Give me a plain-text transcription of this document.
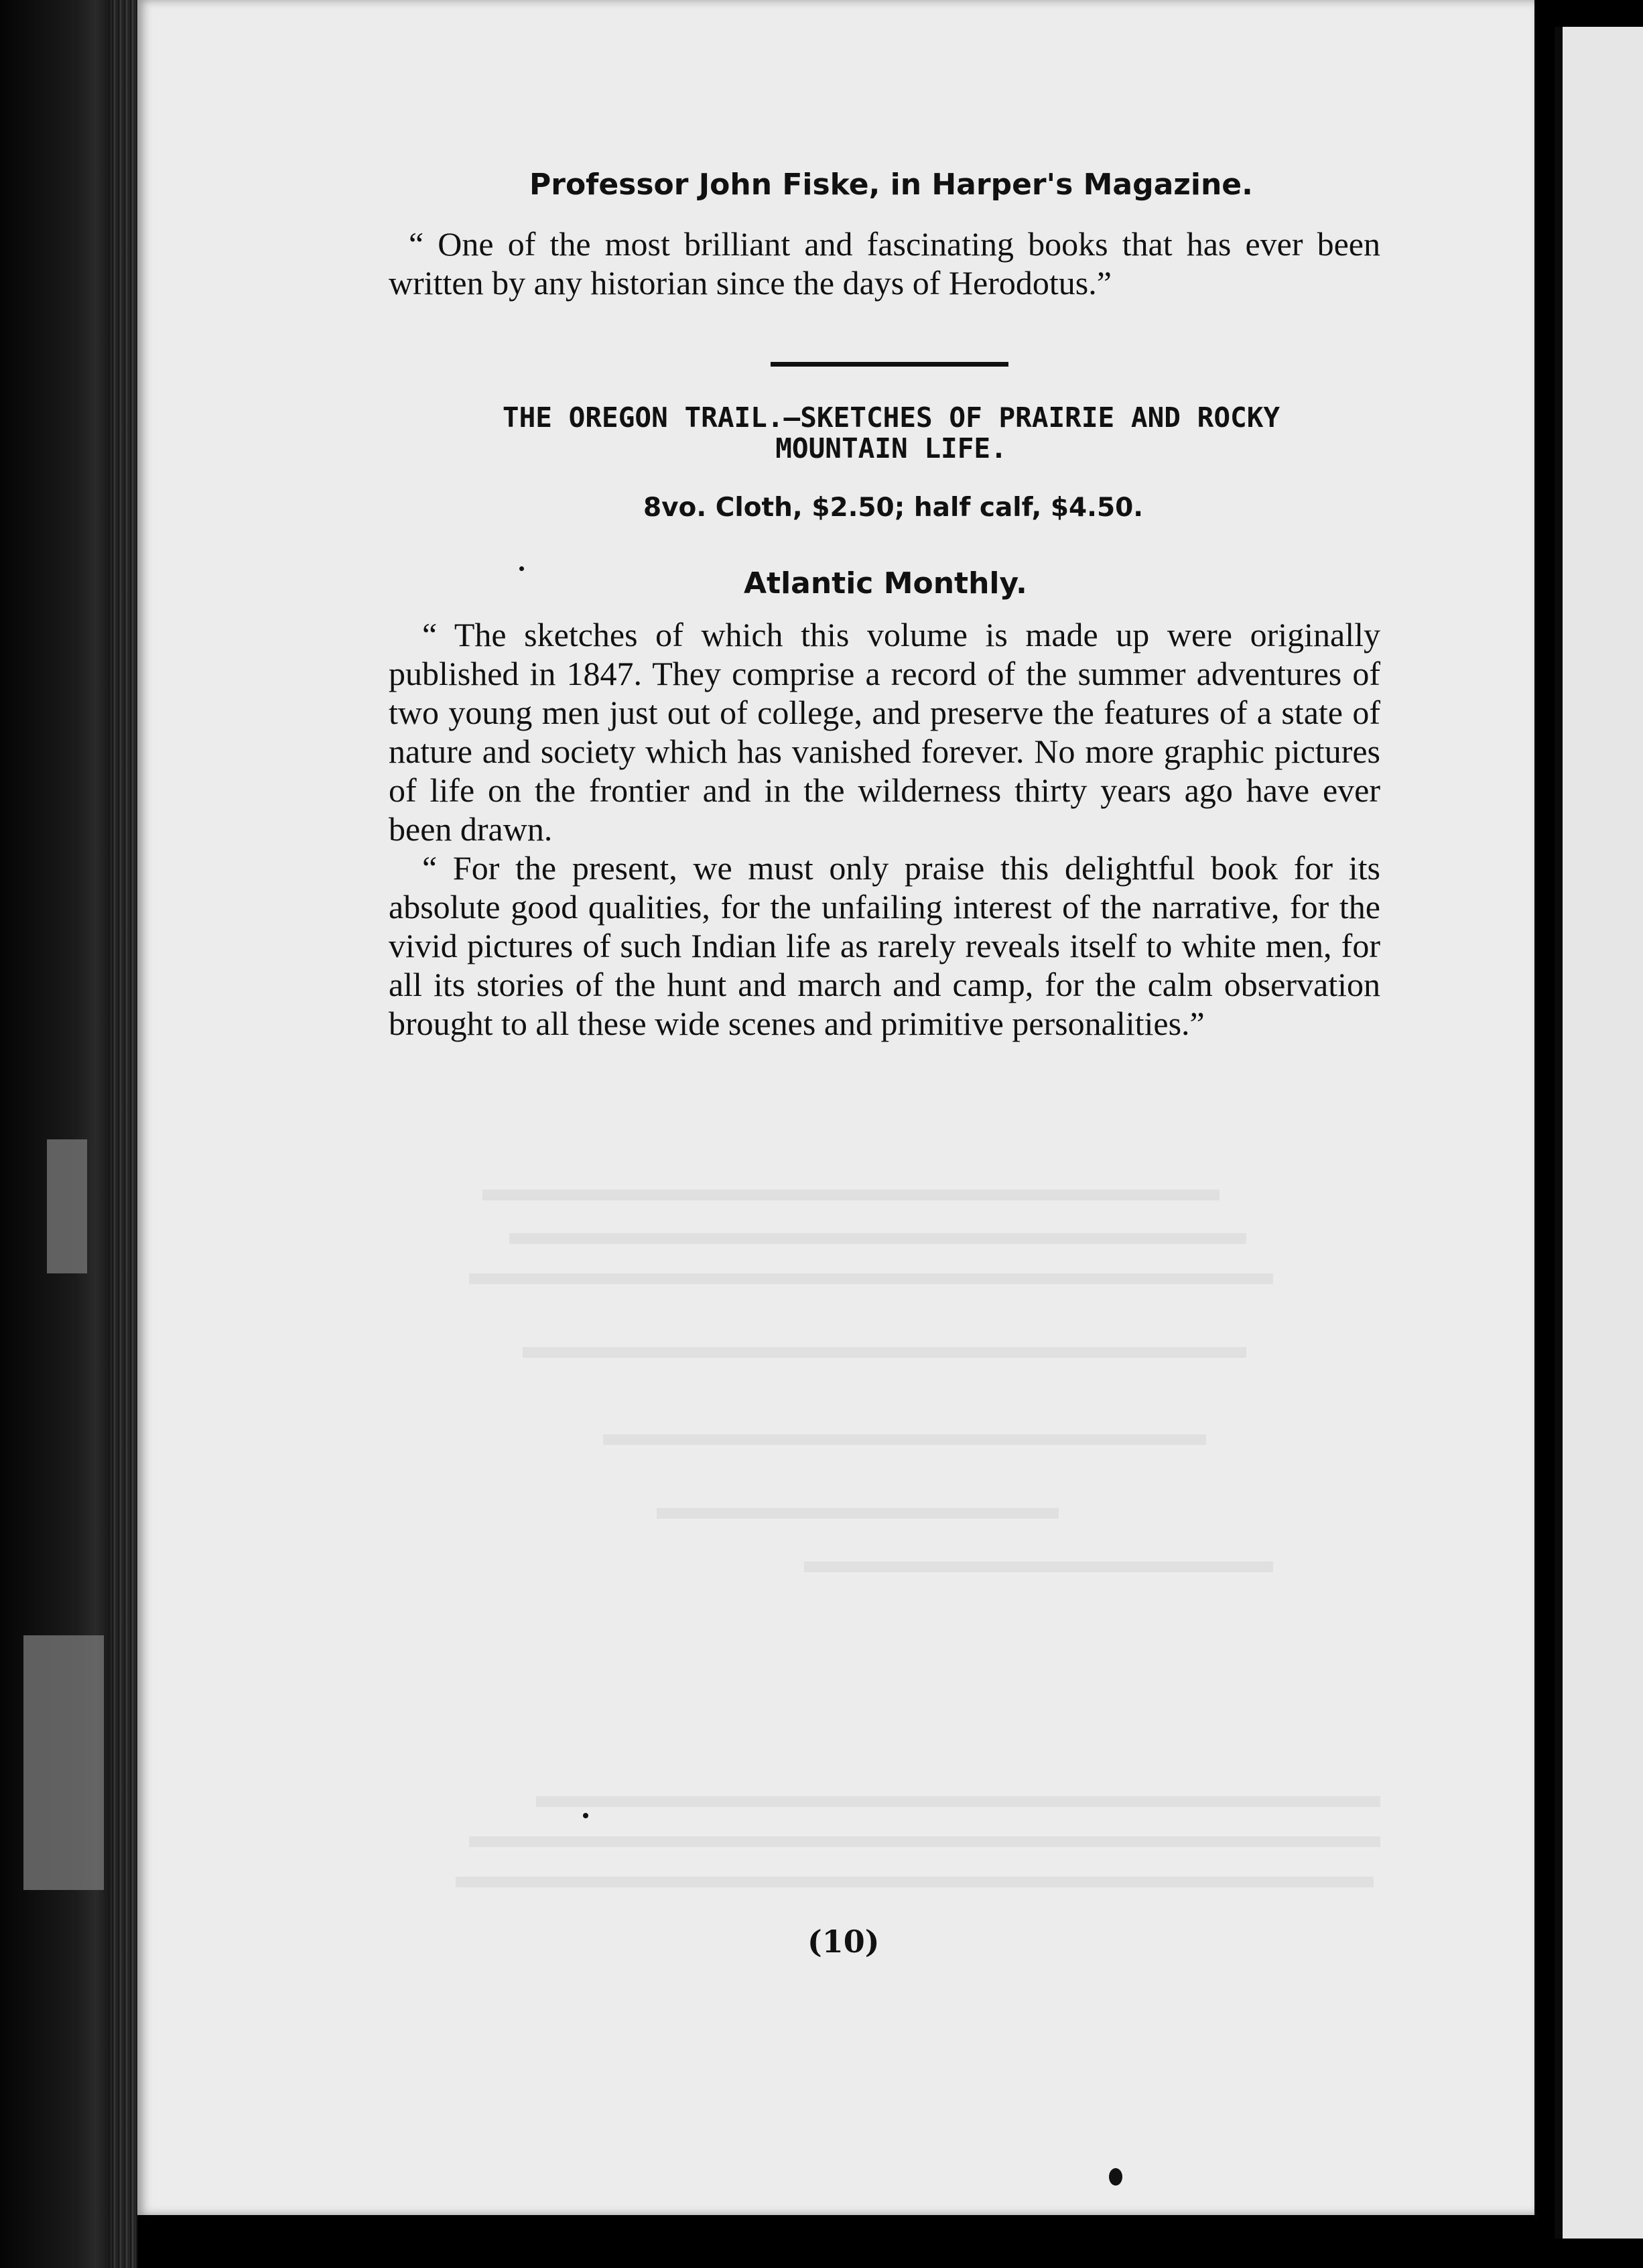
Professor John Fiske, in Harper's Magazine.
“ One of the most brilliant and fascinating books that has ever been written by any historian since the days of Herodotus.”
THE OREGON TRAIL.—SKETCHES OF PRAIRIE AND ROCKY
MOUNTAIN LIFE.
8vo. Cloth, $2.50; half calf, $4.50.
Atlantic Monthly.

“ The sketches of which this volume is made up were originally published in 1847. They comprise a record of the summer adventures of two young men just out of college, and preserve the features of a state of nature and society which has vanished forever. No more graphic pictures of life on the frontier and in the wilderness thirty years ago have ever been drawn.

“ For the present, we must only praise this delightful book for its absolute good qualities, for the unfailing interest of the narrative, for the vivid pictures of such Indian life as rarely reveals itself to white men, for all its stories of the hunt and march and camp, for the calm observation brought to all these wide scenes and primitive personalities.”

(10)
